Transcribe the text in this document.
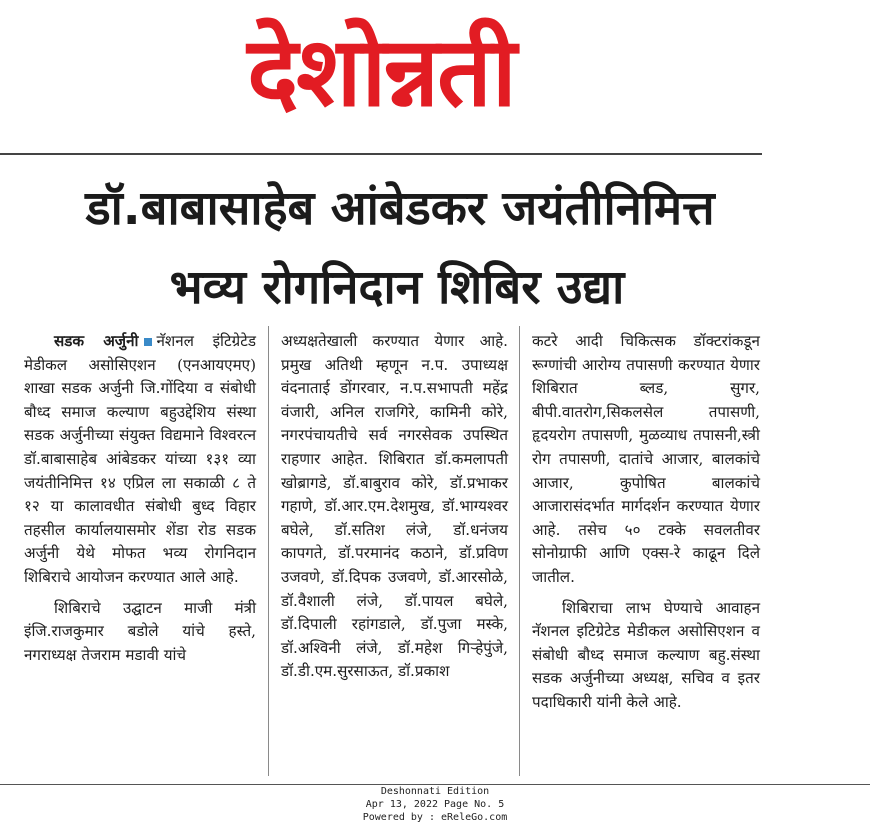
देशोन्नती
डॉ.बाबासाहेब आंबेडकर जयंतीनिमित्त
भव्य रोगनिदान शिबिर उद्या

सडक अर्जुनी नॅशनल इंटिग्रेटेड मेडीकल असोसिएशन (एनआयएमए) शाखा सडक अर्जुनी जि.गोंदिया व संबोधी बौध्द समाज कल्याण बहुउद्देशिय संस्था सडक अर्जुनीच्या संयुक्त विद्यमाने विश्वरत्न डॉ.बाबासाहेब आंबेडकर यांच्या १३१ व्या जयंतीनिमित्त १४ एप्रिल ला सकाळी ८ ते १२ या कालावधीत संबोधी बुध्द विहार तहसील कार्यालयासमोर शेंडा रोड सडक अर्जुनी येथे मोफत भव्य रोगनिदान शिबिराचे आयोजन करण्यात आले आहे.

शिबिराचे उद्घाटन माजी मंत्री इंजि.राजकुमार बडोले यांचे हस्ते, नगराध्यक्ष तेजराम मडावी यांचे

अध्यक्षतेखाली करण्यात येणार आहे. प्रमुख अतिथी म्हणून न.प. उपाध्यक्ष वंदनाताई डोंगरवार, न.प.सभापती महेंद्र वंजारी, अनिल राजगिरे, कामिनी कोरे, नगरपंचायतीचे सर्व नगरसेवक उपस्थित राहणार आहेत. शिबिरात डॉ.कमलापती खोब्रागडे, डॉ.बाबुराव कोरे, डॉ.प्रभाकर गहाणे, डॉ.आर.एम.देशमुख, डॉ.भाग्यश्वर बघेले, डॉ.सतिश लंजे, डॉ.धनंजय कापगते, डॉ.परमानंद कठाने, डॉ.प्रविण उजवणे, डॉ.दिपक उजवणे, डॉ.आरसोळे, डॉ.वैशाली लंजे, डॉ.पायल बघेले, डॉ.दिपाली रहांगडाले, डॉ.पुजा मस्के, डॉ.अश्विनी लंजे, डॉ.महेश गिऱ्हेपुंजे, डॉ.डी.एम.सुरसाऊत, डॉ.प्रकाश

कटरे आदी चिकित्सक डॉक्टरांकडून रूग्णांची आरोग्य तपासणी करण्यात येणार शिबिरात ब्लड, सुगर, बीपी.वातरोग,सिकलसेल तपासणी, हृदयरोग तपासणी, मुळव्याध तपासनी,स्त्री रोग तपासणी, दातांचे आजार, बालकांचे आजार, कुपोषित बालकांचे आजारासंदर्भात मार्गदर्शन करण्यात येणार आहे. तसेच ५० टक्के सवलतीवर सोनोग्राफी आणि एक्स-रे काढून दिले जातील.

शिबिराचा लाभ घेण्याचे आवाहन नॅशनल इटिग्रेटेड मेडीकल असोसिएशन व संबोधी बौध्द समाज कल्याण बहु.संस्था सडक अर्जुनीच्या अध्यक्ष, सचिव व इतर पदाधिकारी यांनी केले आहे.

Deshonnati Edition
Apr 13, 2022 Page No. 5
Powered by : eReleGo.com
